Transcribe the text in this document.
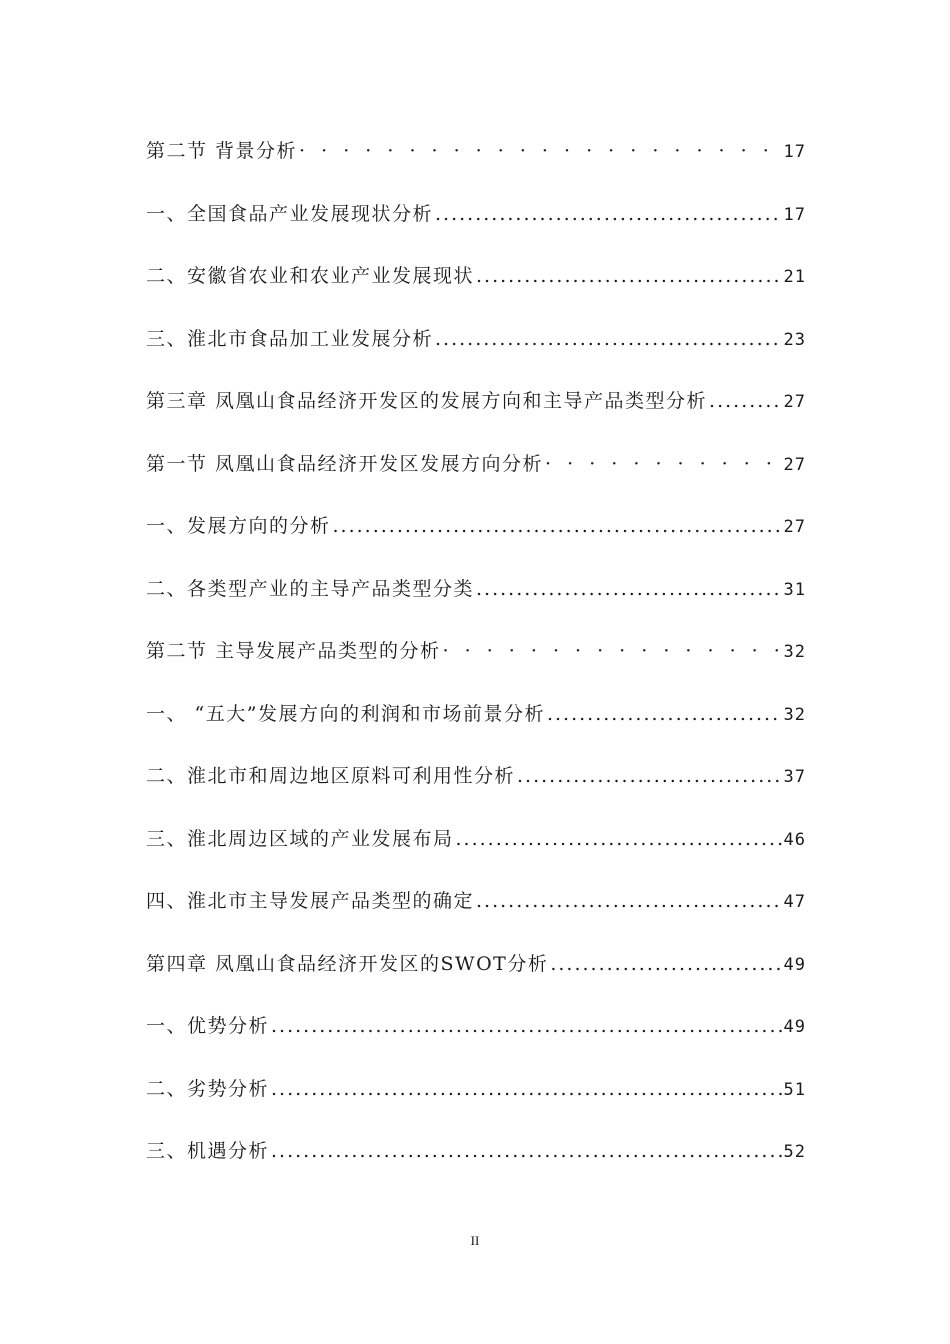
第二节 背景分析 · · ·	17
一、全国食品产业发展现状分析 .....	17
二、安徽省农业和农业产业发展现状 .....	21
三、淮北市食品加工业发展分析 .....	23
第三章 凤凰山食品经济开发区的发展方向和主导产品类型分析 .....	27
第一节 凤凰山食品经济开发区发展方向分析 · · ·	27
一、发展方向的分析 .....	27
二、各类型产业的主导产品类型分类 .....	31
第二节 主导发展产品类型的分析 · · ·	32
一、 “五大”发展方向的利润和市场前景分析 .....	32
二、淮北市和周边地区原料可利用性分析 .....	37
三、淮北周边区域的产业发展布局 .....	46
四、淮北市主导发展产品类型的确定 .....	47
第四章 凤凰山食品经济开发区的SWOT分析 .....	49
一、优势分析 .....	49
二、劣势分析 .....	51
三、机遇分析 .....	52
II
